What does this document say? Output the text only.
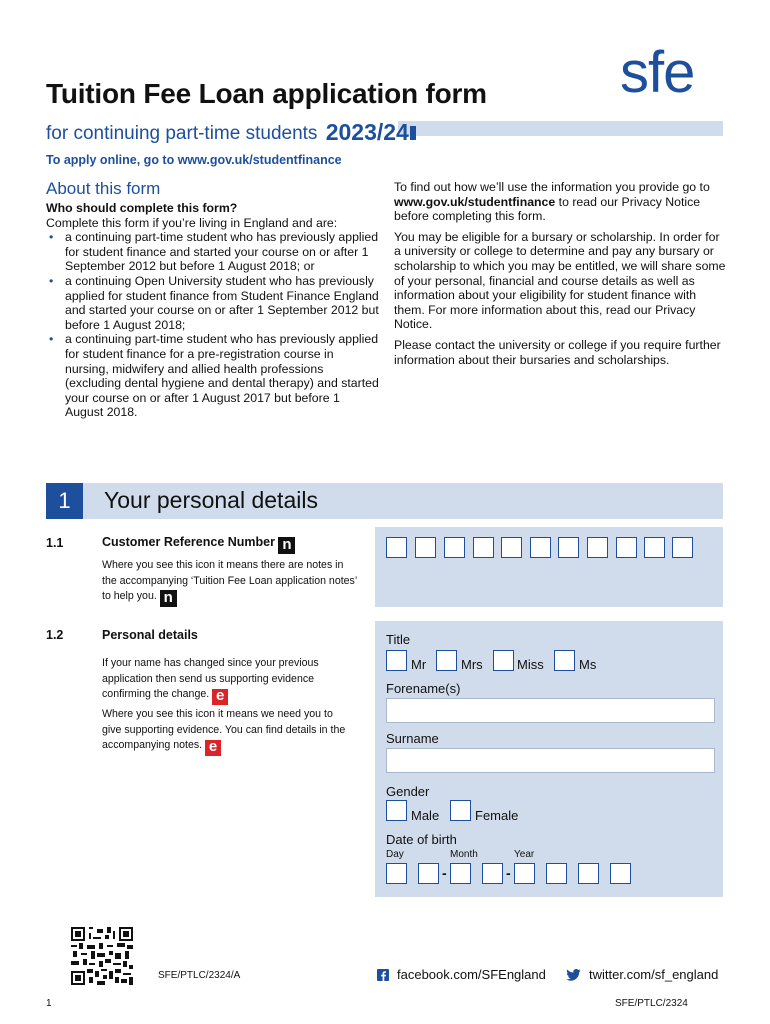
Tuition Fee Loan application form sfe
for continuing part-time students 2023/24
To apply online, go to www.gov.uk/studentfinance
About this form
Who should complete this form?
Complete this form if you’re living in England and are:
• a continuing part-time student who has previously applied for student finance and started your course on or after 1 September 2012 but before 1 August 2018; or
• a continuing Open University student who has previously applied for student finance from Student Finance England and started your course on or after 1 September 2012 but before 1 August 2018;
• a continuing part-time student who has previously applied for student finance for a pre-registration course in nursing, midwifery and allied health professions (excluding dental hygiene and dental therapy) and started your course on or after 1 August 2017 but before 1 August 2018.

To find out how we’ll use the information you provide go to www.gov.uk/studentfinance to read our Privacy Notice before completing this form.

You may be eligible for a bursary or scholarship. In order for a university or college to determine and pay any bursary or scholarship to which you may be entitled, we will share some of your personal, financial and course details as well as information about your eligibility for student finance with them. For more information about this, read our Privacy Notice.

Please contact the university or college if you require further information about their bursaries and scholarships.

1	Your personal details
1.1	Customer Reference Number n
Where you see this icon it means there are notes in the accompanying ‘Tuition Fee Loan application notes’ to help you. n
1.2	Personal details
If your name has changed since your previous application then send us supporting evidence confirming the change. e
Where you see this icon it means we need you to give supporting evidence. You can find details in the accompanying notes. e
Title
Mr	Mrs	Miss	Ms
Forename(s)
Surname
Gender
Male	Female
Date of birth
Day	Month	Year
-	-
SFE/PTLC/2324/A	facebook.com/SFEngland	twitter.com/sf_england
1	SFE/PTLC/2324
